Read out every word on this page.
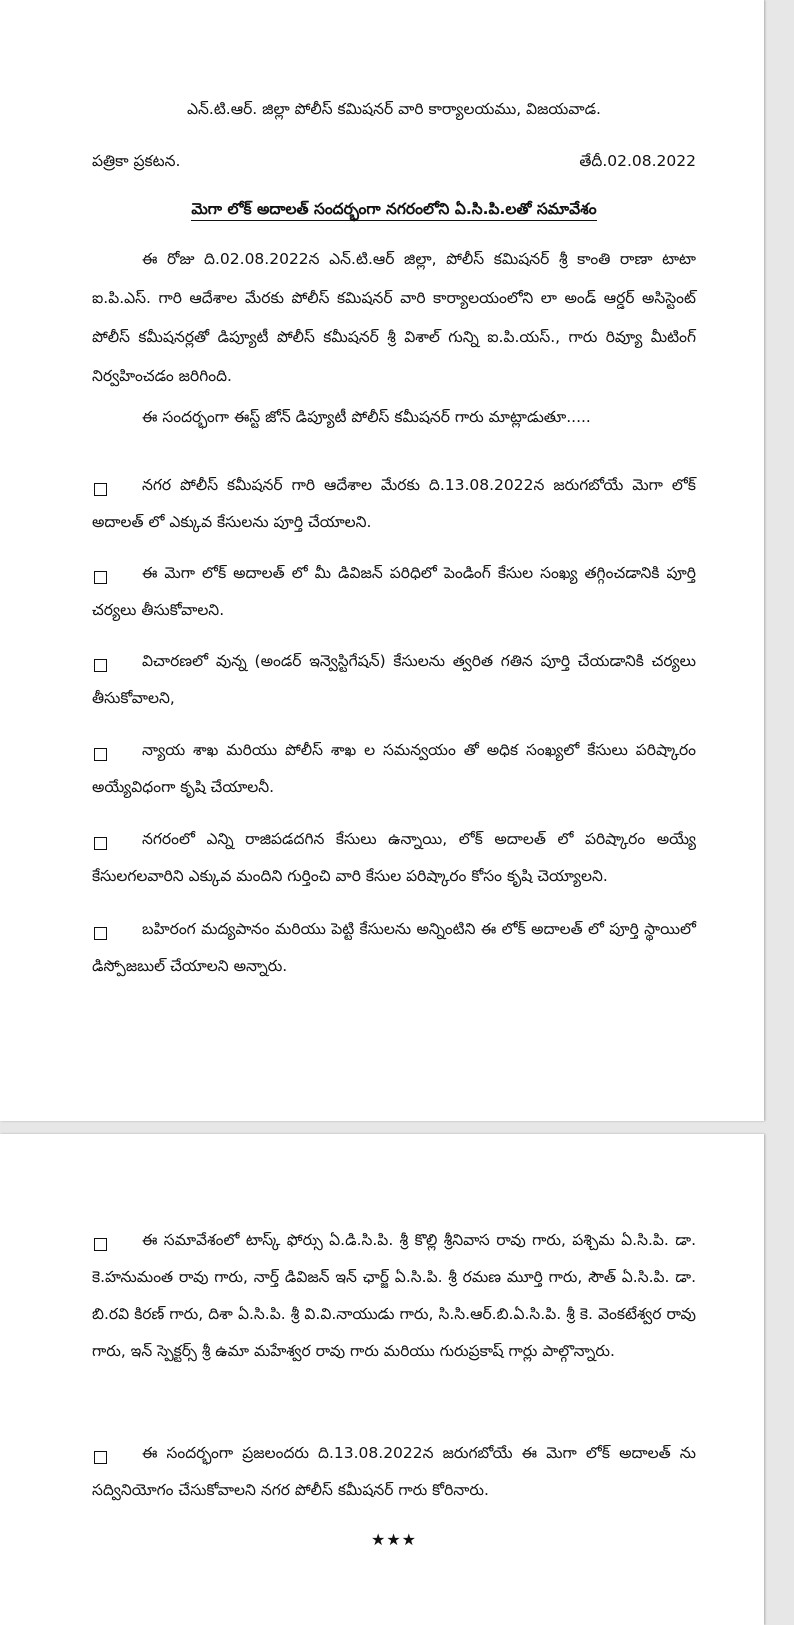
ఎన్.టి.ఆర్. జిల్లా పోలీస్ కమిషనర్ వారి కార్యాలయము, విజయవాడ.
పత్రికా ప్రకటన.	తేదీ.02.08.2022
మెగా లోక్ అదాలత్ సందర్భంగా నగరంలోని ఏ.సి.పి.లతో సమావేశం

ఈ రోజు ది.02.08.2022న ఎన్.టి.ఆర్ జిల్లా, పోలీస్ కమిషనర్ శ్రీ కాంతి రాణా టాటా ఐ.పి.ఎస్. గారి ఆదేశాల మేరకు పోలీస్ కమిషనర్ వారి కార్యాలయంలోని లా అండ్ ఆర్డర్ అసిస్టెంట్ పోలీస్ కమీషనర్లతో డిప్యూటీ పోలీస్ కమీషనర్ శ్రీ విశాల్ గున్ని ఐ.పి.యస్., గారు రివ్యూ మీటింగ్ నిర్వహించడం జరిగింది.

ఈ సందర్భంగా ఈస్ట్ జోన్ డిప్యూటీ పోలీస్ కమీషనర్ గారు మాట్లాడుతూ.....

నగర పోలీస్ కమీషనర్ గారి ఆదేశాల మేరకు ది.13.08.2022న జరుగబోయే మెగా లోక్ అదాలత్ లో ఎక్కువ కేసులను పూర్తి చేయాలని.

ఈ మెగా లోక్ అదాలత్ లో మీ డివిజన్ పరిధిలో పెండింగ్ కేసుల సంఖ్య తగ్గించడానికి పూర్తి చర్యలు తీసుకోవాలని.

విచారణలో వున్న (అండర్ ఇన్వెస్టిగేషన్) కేసులను త్వరిత గతిన పూర్తి చేయడానికి చర్యలు తీసుకోవాలని,

న్యాయ శాఖ మరియు పోలీస్ శాఖ ల సమన్వయం తో అధిక సంఖ్యలో కేసులు పరిష్కారం అయ్యేవిధంగా కృషి చేయాలనీ.

నగరంలో ఎన్ని రాజిపడదగిన కేసులు ఉన్నాయి, లోక్ అదాలత్ లో పరిష్కారం అయ్యే కేసులగలవారిని ఎక్కువ మందిని గుర్తించి వారి కేసుల పరిష్కారం కోసం కృషి చెయ్యాలని.

బహిరంగ మద్యపానం మరియు పెట్టి కేసులను అన్నింటిని ఈ లోక్ అదాలత్ లో పూర్తి స్థాయిలో డిస్పోజబుల్ చేయాలని అన్నారు.

ఈ సమావేశంలో టాస్క్ ఫోర్సు ఏ.డి.సి.పి. శ్రీ కొల్లి శ్రీనివాస రావు గారు, పశ్చిమ ఏ.సి.పి. డా. కె.హనుమంత రావు గారు, నార్త్ డివిజన్ ఇన్ ఛార్జ్ ఏ.సి.పి. శ్రీ రమణ మూర్తి గారు, సౌత్ ఏ.సి.పి. డా. బి.రవి కిరణ్ గారు, దిశా ఏ.సి.పి. శ్రీ వి.వి.నాయుడు గారు, సి.సి.ఆర్.బి.ఏ.సి.పి. శ్రీ కె. వెంకటేశ్వర రావు గారు, ఇన్ స్పెక్టర్స్ శ్రీ ఉమా మహేశ్వర రావు గారు మరియు గురుప్రకాష్ గార్లు పాల్గొన్నారు.

ఈ సందర్భంగా ప్రజలందరు ది.13.08.2022న జరుగబోయే ఈ మెగా లోక్ అదాలత్ ను సద్వినియోగం చేసుకోవాలని నగర పోలీస్ కమీషనర్ గారు కోరినారు.

★★★
